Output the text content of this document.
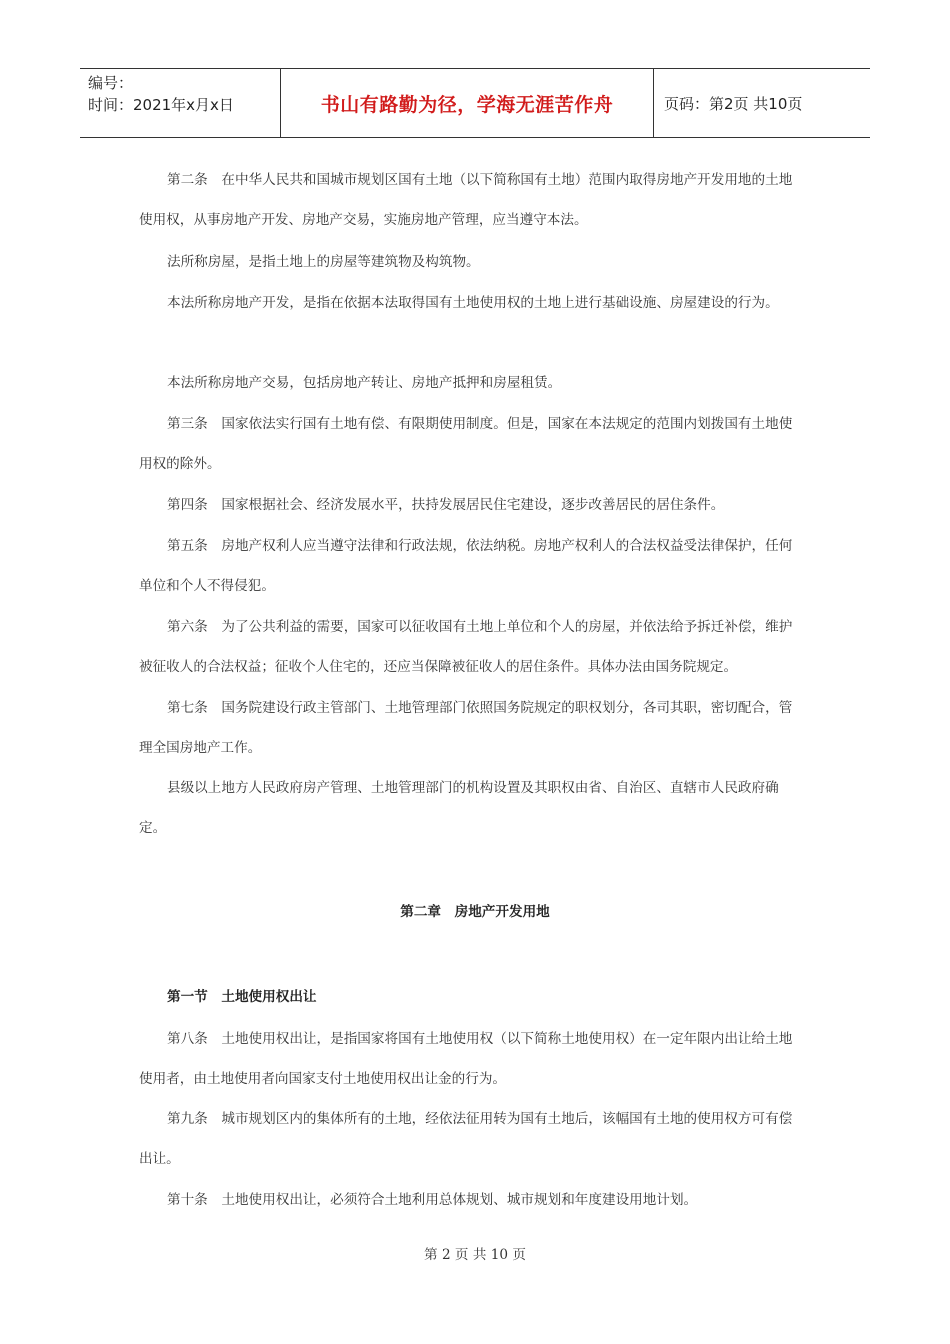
编号：
时间：2021年x月x日	书山有路勤为径，学海无涯苦作舟	页码：第2页 共10页

第二条　在中华人民共和国城市规划区国有土地（以下简称国有土地）范围内取得房地产开发用地的土地使用权，从事房地产开发、房地产交易，实施房地产管理，应当遵守本法。

法所称房屋，是指土地上的房屋等建筑物及构筑物。

本法所称房地产开发，是指在依据本法取得国有土地使用权的土地上进行基础设施、房屋建设的行为。

本法所称房地产交易，包括房地产转让、房地产抵押和房屋租赁。

第三条　国家依法实行国有土地有偿、有限期使用制度。但是，国家在本法规定的范围内划拨国有土地使用权的除外。

第四条　国家根据社会、经济发展水平，扶持发展居民住宅建设，逐步改善居民的居住条件。

第五条　房地产权利人应当遵守法律和行政法规，依法纳税。房地产权利人的合法权益受法律保护，任何单位和个人不得侵犯。

第六条　为了公共利益的需要，国家可以征收国有土地上单位和个人的房屋，并依法给予拆迁补偿，维护被征收人的合法权益；征收个人住宅的，还应当保障被征收人的居住条件。具体办法由国务院规定。

第七条　国务院建设行政主管部门、土地管理部门依照国务院规定的职权划分，各司其职，密切配合，管理全国房地产工作。

县级以上地方人民政府房产管理、土地管理部门的机构设置及其职权由省、自治区、直辖市人民政府确定。

第二章　房地产开发用地
第一节　土地使用权出让

第八条　土地使用权出让，是指国家将国有土地使用权（以下简称土地使用权）在一定年限内出让给土地使用者，由土地使用者向国家支付土地使用权出让金的行为。

第九条　城市规划区内的集体所有的土地，经依法征用转为国有土地后，该幅国有土地的使用权方可有偿出让。

第十条　土地使用权出让，必须符合土地利用总体规划、城市规划和年度建设用地计划。

第 2 页 共 10 页
